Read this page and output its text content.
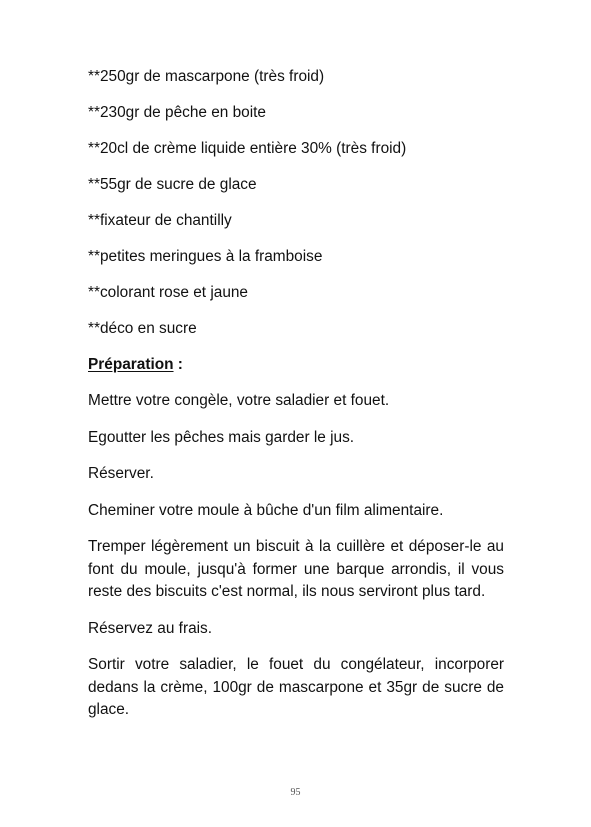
**250gr de mascarpone (très froid)

**230gr de pêche en boite

**20cl de crème liquide entière 30% (très froid)

**55gr de sucre de glace

**fixateur de chantilly

**petites meringues à la framboise

**colorant rose et jaune

**déco en sucre

Préparation :

Mettre votre congèle, votre saladier et fouet.

Egoutter les pêches mais garder le jus.

Réserver.

Cheminer votre moule à bûche d'un film alimentaire.

Tremper légèrement un biscuit à la cuillère et déposer-le au font du moule, jusqu'à former une barque arrondis, il vous reste des biscuits c'est normal, ils nous serviront plus tard.

Réservez au frais.

Sortir votre saladier, le fouet du congélateur, incorporer dedans la crème, 100gr de mascarpone et 35gr de sucre de glace.

95
